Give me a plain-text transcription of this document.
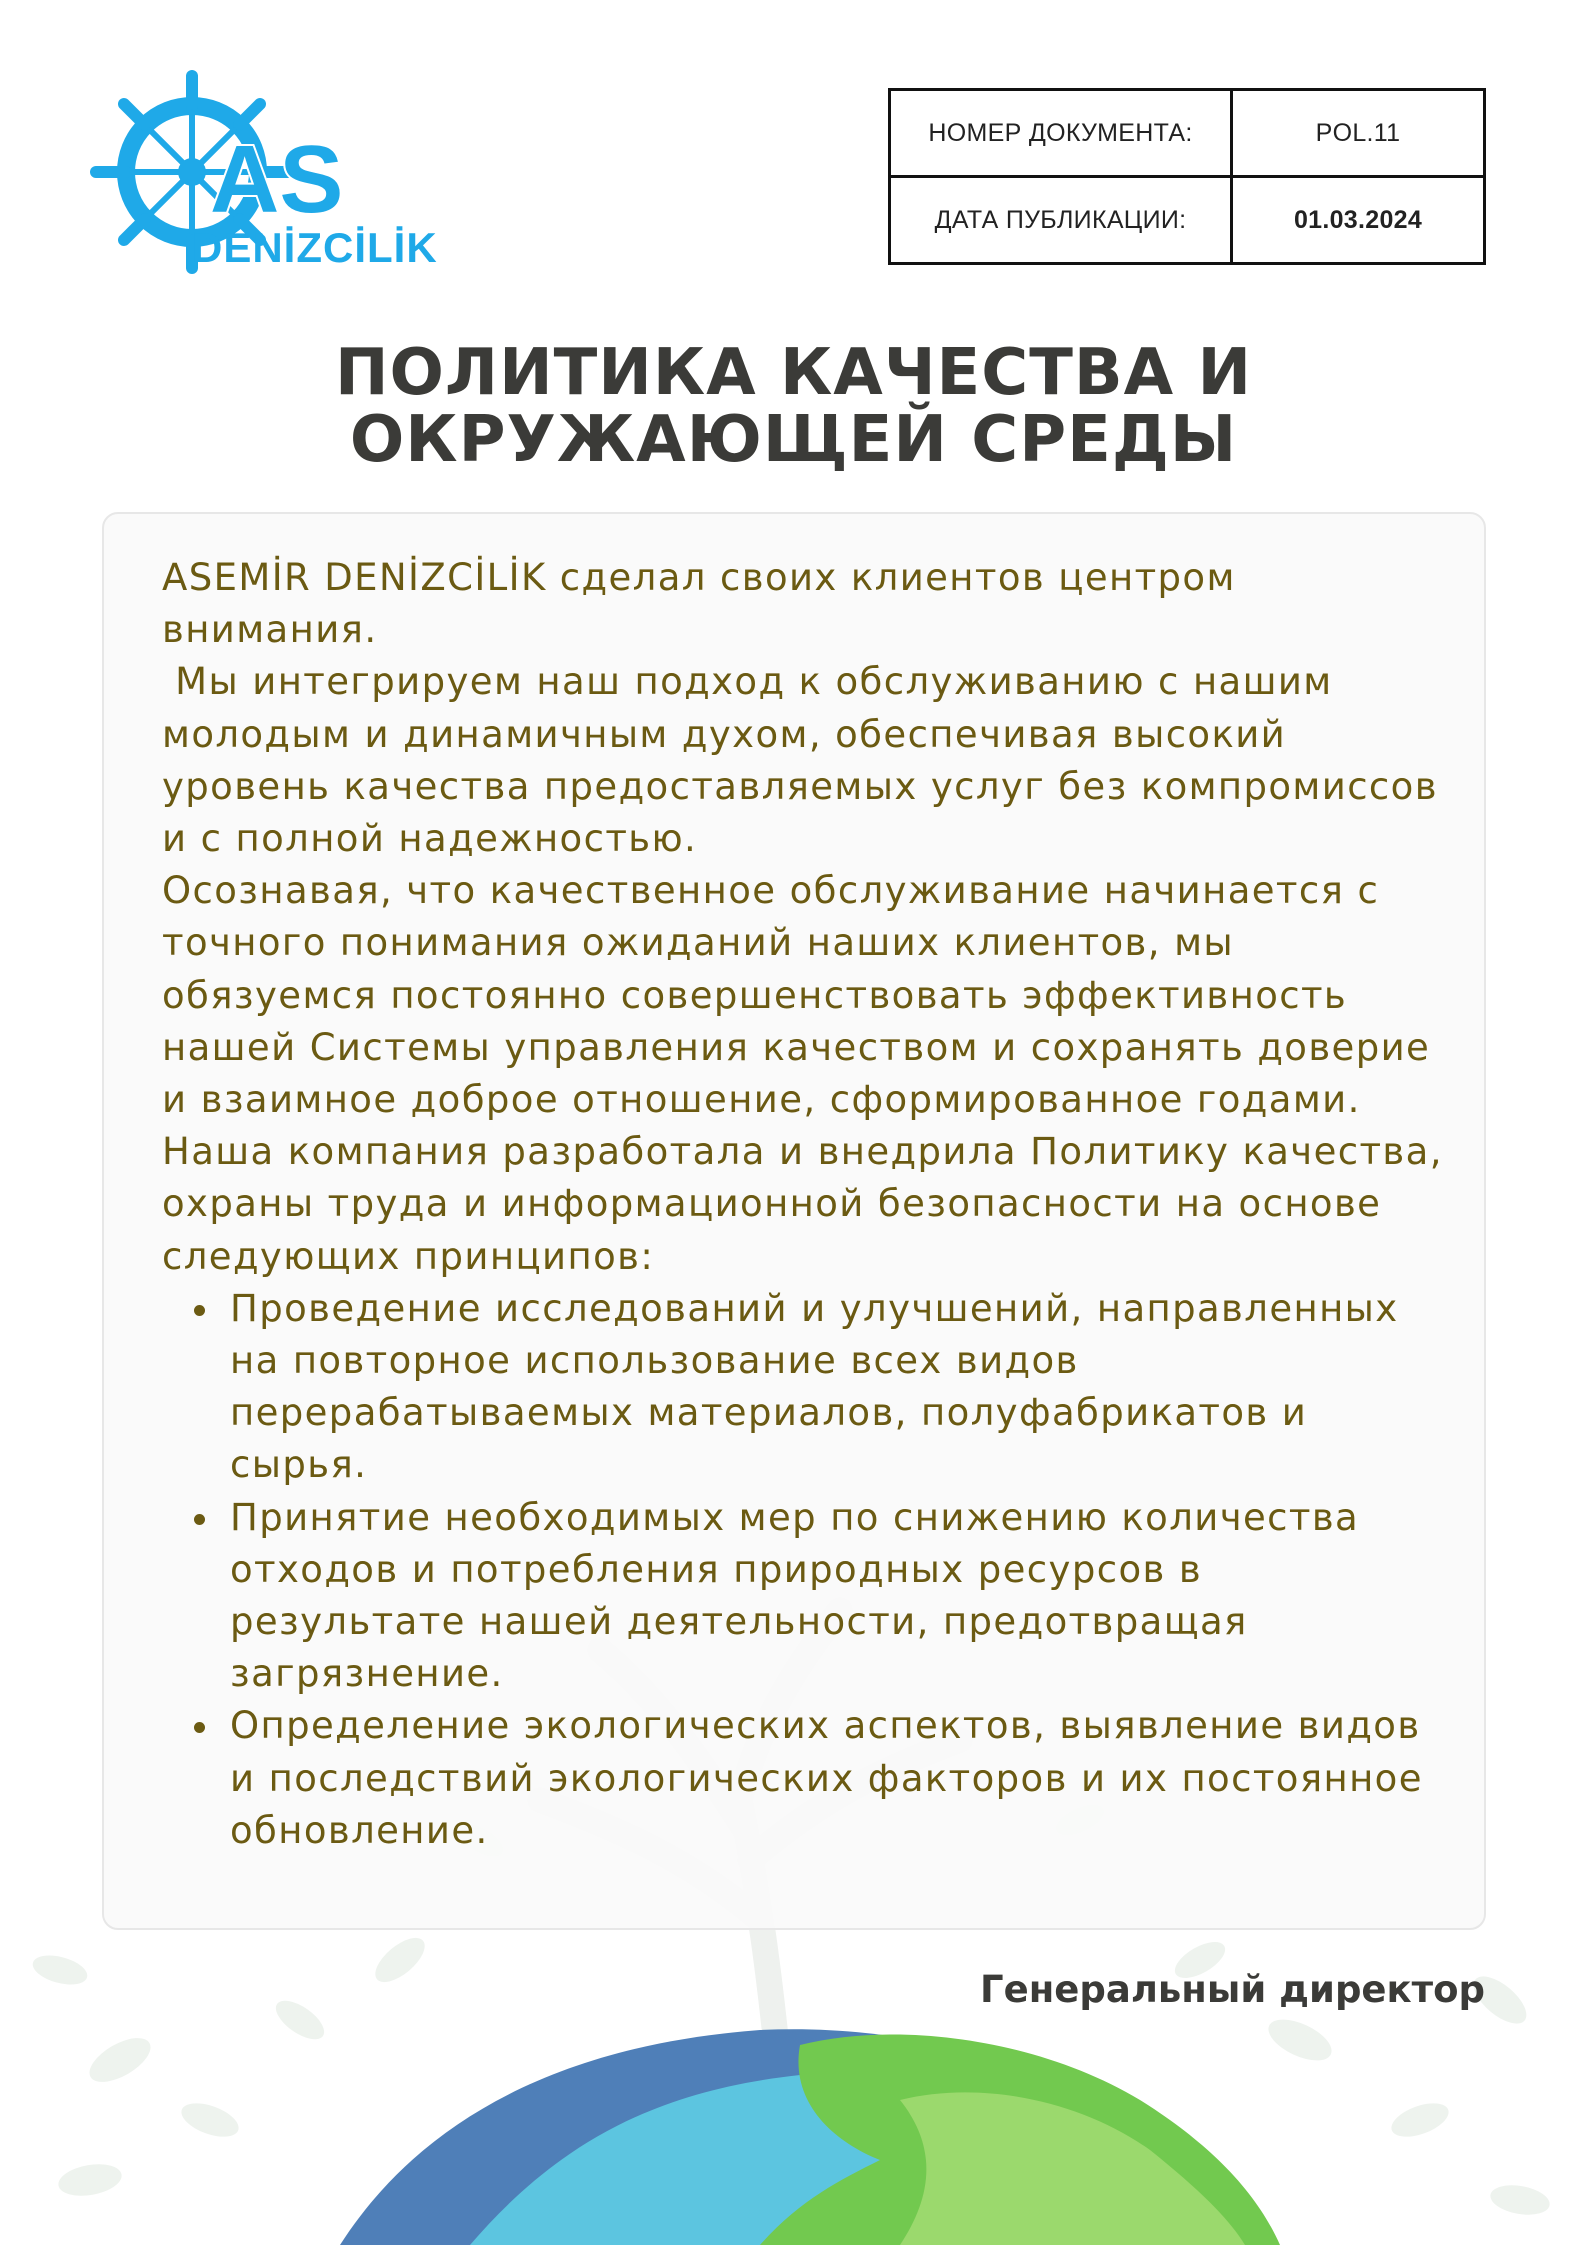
AS
DENİZCİLİK
НОМЕР ДОКУМЕНТА:	POL.11
ДАТА ПУБЛИКАЦИИ:	01.03.2024
ПОЛИТИКА КАЧЕСТВА И
ОКРУЖАЮЩЕЙ СРЕДЫ

ASEMİR DENİZCİLİK сделал своих клиентов центром внимания.

Мы интегрируем наш подход к обслуживанию с нашим молодым и динамичным духом, обеспечивая высокий уровень качества предоставляемых услуг без компромиссов и с полной надежностью.

Осознавая, что качественное обслуживание начинается с точного понимания ожиданий наших клиентов, мы обязуемся постоянно совершенствовать эффективность нашей Системы управления качеством и сохранять доверие и взаимное доброе отношение, сформированное годами.

Наша компания разработала и внедрила Политику качества, охраны труда и информационной безопасности на основе следующих принципов:

Проведение исследований и улучшений, направленных на повторное использование всех видов перерабатываемых материалов, полуфабрикатов и сырья.
Принятие необходимых мер по снижению количества отходов и потребления природных ресурсов в результате нашей деятельности, предотвращая загрязнение.
Определение экологических аспектов, выявление видов и последствий экологических факторов и их постоянное обновление.
Генеральный директор
